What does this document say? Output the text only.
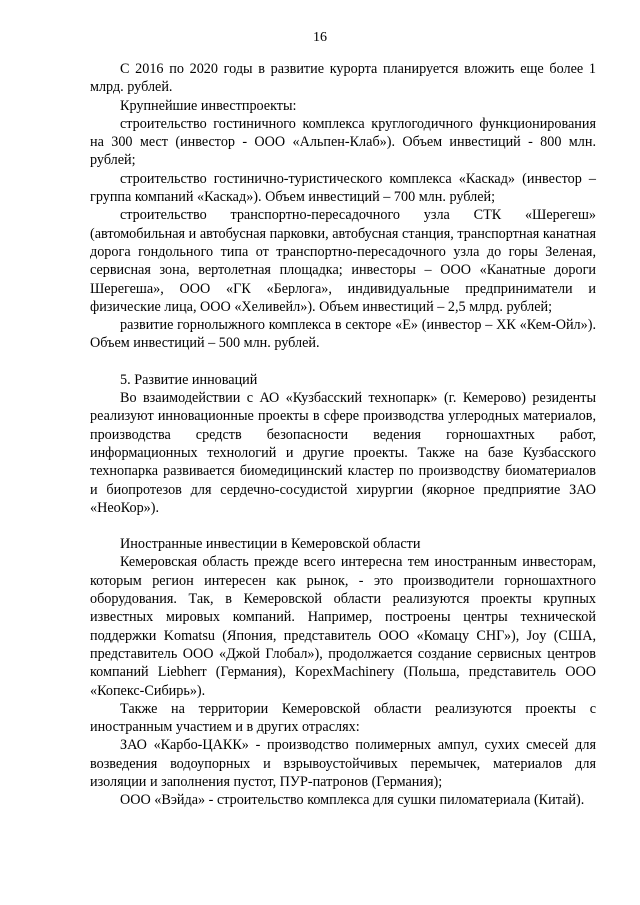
16

С 2016 по 2020 годы в развитие курорта планируется вложить еще более 1 млрд. рублей.

Крупнейшие инвестпроекты:

строительство гостиничного комплекса круглогодичного функционирования на 300 мест (инвестор - ООО «Альпен-Клаб»). Объем инвестиций - 800 млн. рублей;

строительство гостинично-туристического комплекса «Каскад» (инвестор – группа компаний «Каскад»). Объем инвестиций – 700 млн. рублей;

строительство транспортно-пересадочного узла СТК «Шерегеш» (автомобильная и автобусная парковки, автобусная станция, транспортная канатная дорога гондольного типа от транспортно-пересадочного узла до горы Зеленая, сервисная зона, вертолетная площадка; инвесторы – ООО «Канатные дороги Шерегеша», ООО «ГК «Берлога», индивидуальные предприниматели и физические лица, ООО «Хеливейл»). Объем инвестиций – 2,5 млрд. рублей;

развитие горнолыжного комплекса в секторе «Е» (инвестор – ХК «Кем-Ойл»). Объем инвестиций – 500 млн. рублей.

5. Развитие инноваций

Во взаимодействии с АО «Кузбасский технопарк» (г. Кемерово) резиденты реализуют инновационные проекты в сфере производства углеродных материалов, производства средств безопасности ведения горношахтных работ, информационных технологий и другие проекты. Также на базе Кузбасского технопарка развивается биомедицинский кластер по производству биоматериалов и биопротезов для сердечно-сосудистой хирургии (якорное предприятие ЗАО «НеоКор»).

Иностранные инвестиции в Кемеровской области

Кемеровская область прежде всего интересна тем иностранным инвесторам, которым регион интересен как рынок, - это производители горношахтного оборудования. Так, в Кемеровской области реализуются проекты крупных известных мировых компаний. Например, построены центры технической поддержки Komatsu (Япония, представитель ООО «Комацу СНГ»), Joy (США, представитель ООО «Джой Глобал»), продолжается создание сервисных центров компаний Liebherr (Германия), KopexMachinery (Польша, представитель ООО «Копекс-Сибирь»).

Также на территории Кемеровской области реализуются проекты с иностранным участием и в других отраслях:

ЗАО «Карбо-ЦАКК» - производство полимерных ампул, сухих смесей для возведения водоупорных и взрывоустойчивых перемычек, материалов для изоляции и заполнения пустот, ПУР-патронов (Германия);

ООО «Вэйда» - строительство комплекса для сушки пиломатериала (Китай).
